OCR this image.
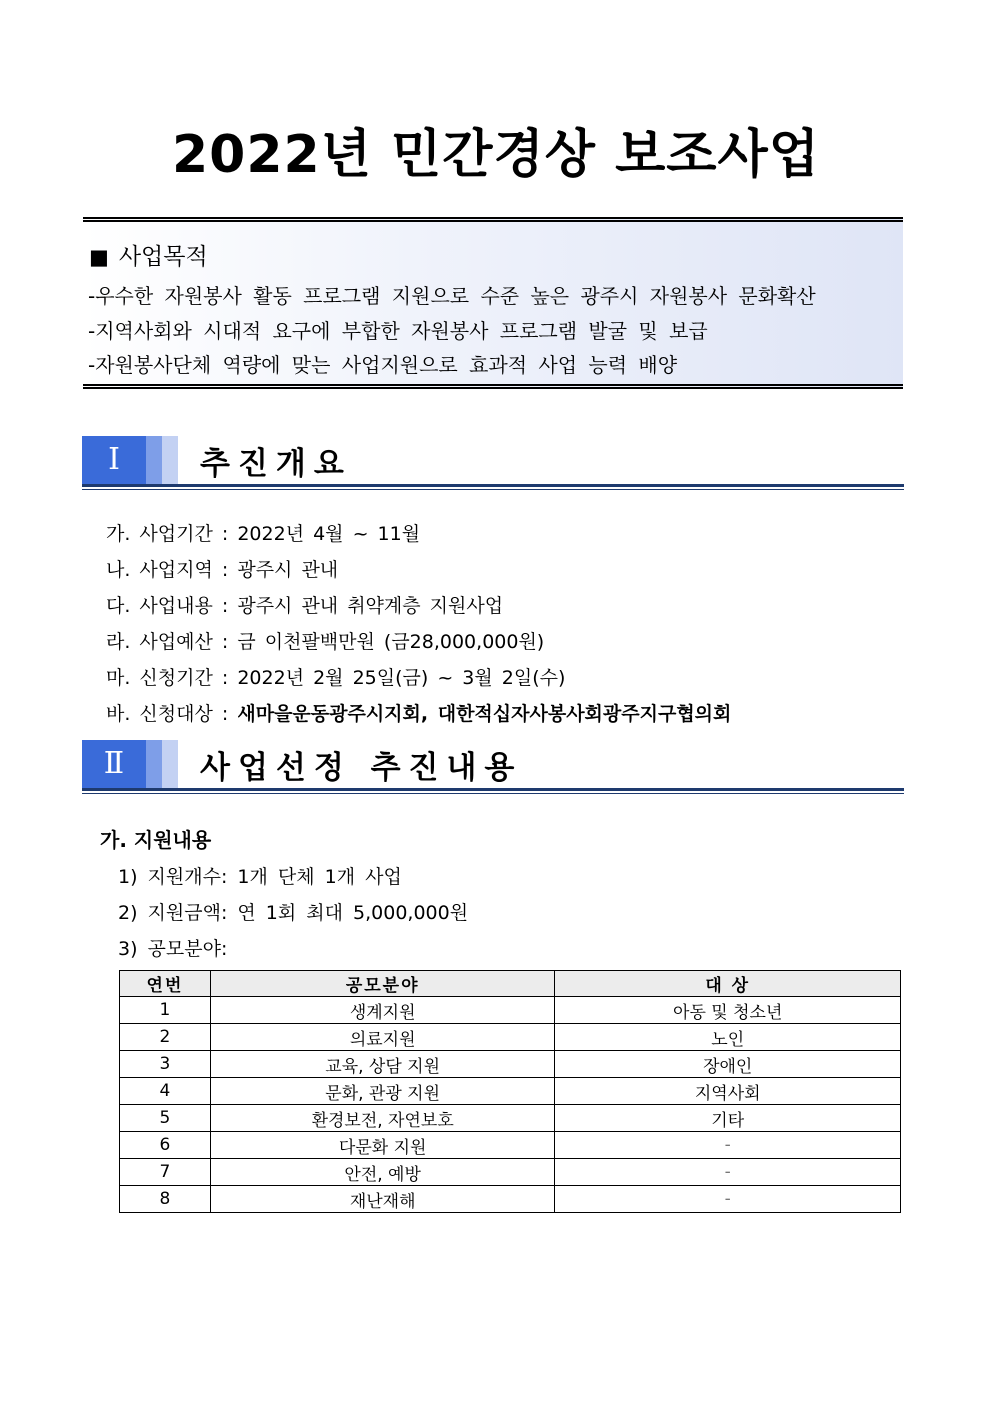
2022년 민간경상 보조사업
■ 사업목적
-우수한 자원봉사 활동 프로그램 지원으로 수준 높은 광주시 자원봉사 문화확산
-지역사회와 시대적 요구에 부합한 자원봉사 프로그램 발굴 및 보급
-자원봉사단체 역량에 맞는 사업지원으로 효과적 사업 능력 배양
Ⅰ	추진개요
가. 사업기간 : 2022년 4월 ~ 11월
나. 사업지역 : 광주시 관내
다. 사업내용 : 광주시 관내 취약계층 지원사업
라. 사업예산 : 금 이천팔백만원 (금28,000,000원)
마. 신청기간 : 2022년 2월 25일(금) ~ 3월 2일(수)
바. 신청대상 : 새마을운동광주시지회, 대한적십자사봉사회광주지구협의회
Ⅱ	사업선정 추진내용
가. 지원내용
1) 지원개수: 1개 단체 1개 사업
2) 지원금액: 연 1회 최대 5,000,000원
3) 공모분야:
연번	공모분야	대 상
1	생계지원	아동 및 청소년
2	의료지원	노인
3	교육, 상담 지원	장애인
4	문화, 관광 지원	지역사회
5	환경보전, 자연보호	기타
6	다문화 지원	-
7	안전, 예방	-
8	재난재해	-
